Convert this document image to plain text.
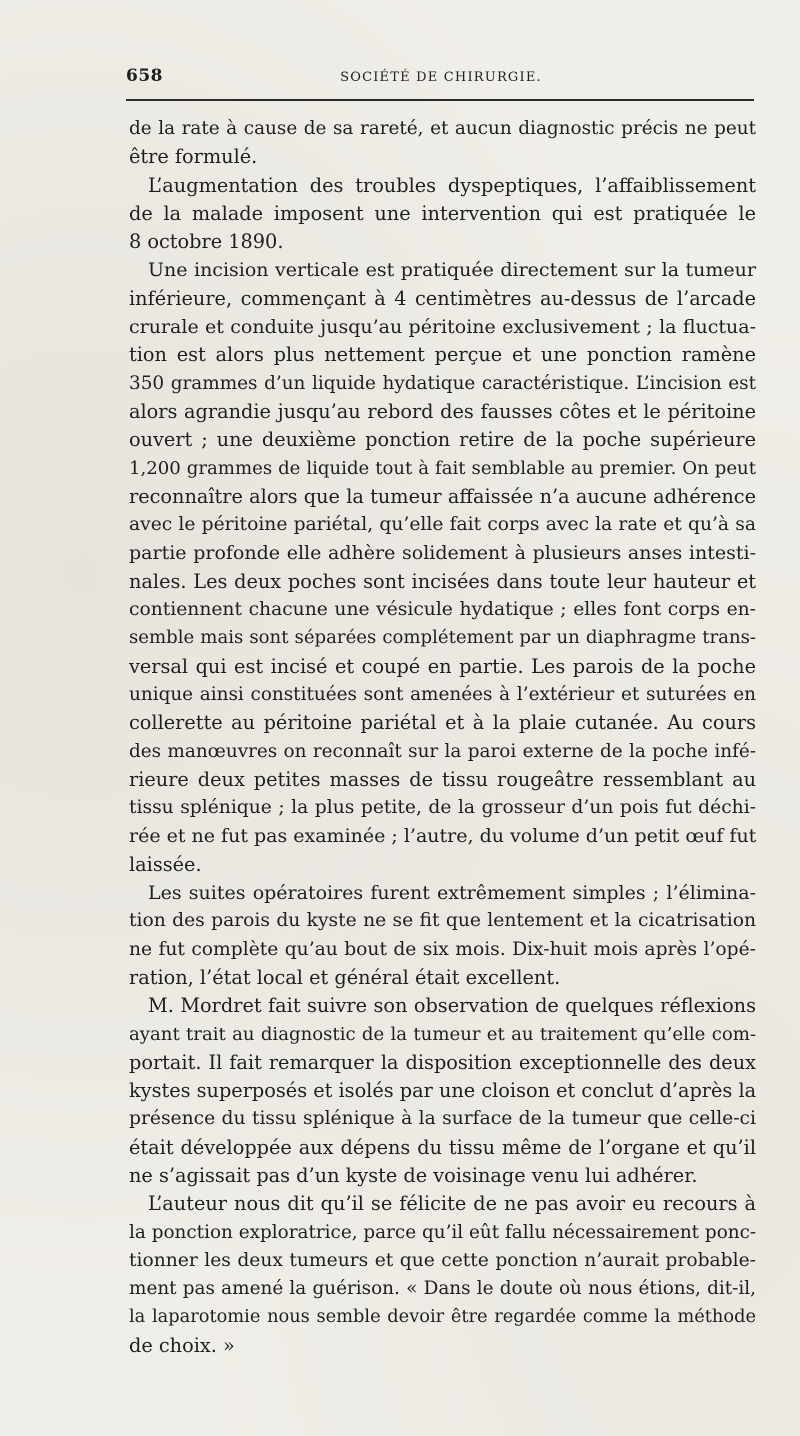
658	SOCIÉTÉ DE CHIRURGIE.
de la rate à cause de sa rareté, et aucun diagnostic précis ne peut
être formulé.
L’augmentation des troubles dyspeptiques, l’affaiblissement
de la malade imposent une intervention qui est pratiquée le
8 octobre 1890.
Une incision verticale est pratiquée directement sur la tumeur
inférieure, commençant à 4 centimètres au-dessus de l’arcade
crurale et conduite jusqu’au péritoine exclusivement ; la fluctua-
tion est alors plus nettement perçue et une ponction ramène
350 grammes d’un liquide hydatique caractéristique. L’incision est
alors agrandie jusqu’au rebord des fausses côtes et le péritoine
ouvert ; une deuxième ponction retire de la poche supérieure
1,200 grammes de liquide tout à fait semblable au premier. On peut
reconnaître alors que la tumeur affaissée n’a aucune adhérence
avec le péritoine pariétal, qu’elle fait corps avec la rate et qu’à sa
partie profonde elle adhère solidement à plusieurs anses intesti-
nales. Les deux poches sont incisées dans toute leur hauteur et
contiennent chacune une vésicule hydatique ; elles font corps en-
semble mais sont séparées complétement par un diaphragme trans-
versal qui est incisé et coupé en partie. Les parois de la poche
unique ainsi constituées sont amenées à l’extérieur et suturées en
collerette au péritoine pariétal et à la plaie cutanée. Au cours
des manœuvres on reconnaît sur la paroi externe de la poche infé-
rieure deux petites masses de tissu rougeâtre ressemblant au
tissu splénique ; la plus petite, de la grosseur d’un pois fut déchi-
rée et ne fut pas examinée ; l’autre, du volume d’un petit œuf fut
laissée.
Les suites opératoires furent extrêmement simples ; l’élimina-
tion des parois du kyste ne se fit que lentement et la cicatrisation
ne fut complète qu’au bout de six mois. Dix-huit mois après l’opé-
ration, l’état local et général était excellent.
M. Mordret fait suivre son observation de quelques réflexions
ayant trait au diagnostic de la tumeur et au traitement qu’elle com-
portait. Il fait remarquer la disposition exceptionnelle des deux
kystes superposés et isolés par une cloison et conclut d’après la
présence du tissu splénique à la surface de la tumeur que celle-ci
était développée aux dépens du tissu même de l’organe et qu’il
ne s’agissait pas d’un kyste de voisinage venu lui adhérer.
L’auteur nous dit qu’il se félicite de ne pas avoir eu recours à
la ponction exploratrice, parce qu’il eût fallu nécessairement ponc-
tionner les deux tumeurs et que cette ponction n’aurait probable-
ment pas amené la guérison. « Dans le doute où nous étions, dit-il,
la laparotomie nous semble devoir être regardée comme la méthode
de choix. »
